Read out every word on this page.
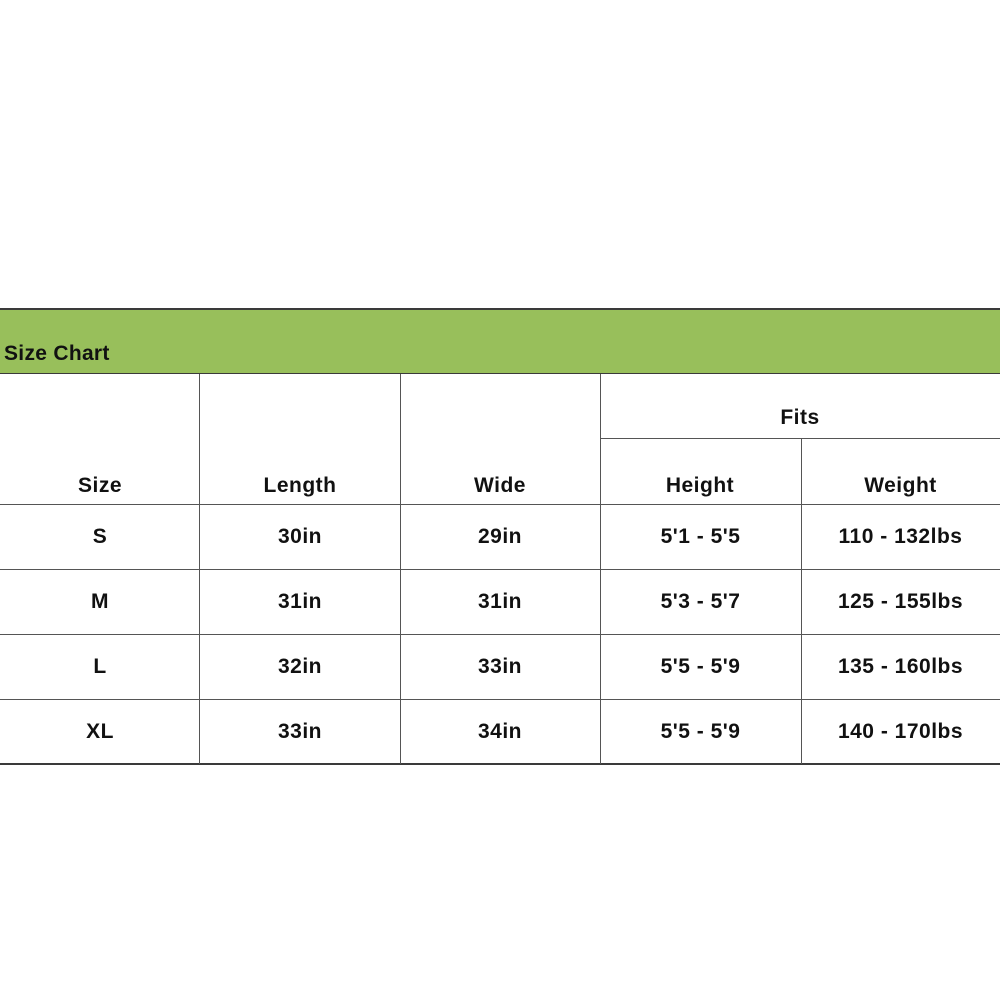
Size Chart
Size	Length	Wide
Fits
Height	Weight
S	30in	29in	5'1 - 5'5	110 - 132lbs
M	31in	31in	5'3 - 5'7	125 - 155lbs
L	32in	33in	5'5 - 5'9	135 - 160lbs
XL	33in	34in	5'5 - 5'9	140 - 170lbs
